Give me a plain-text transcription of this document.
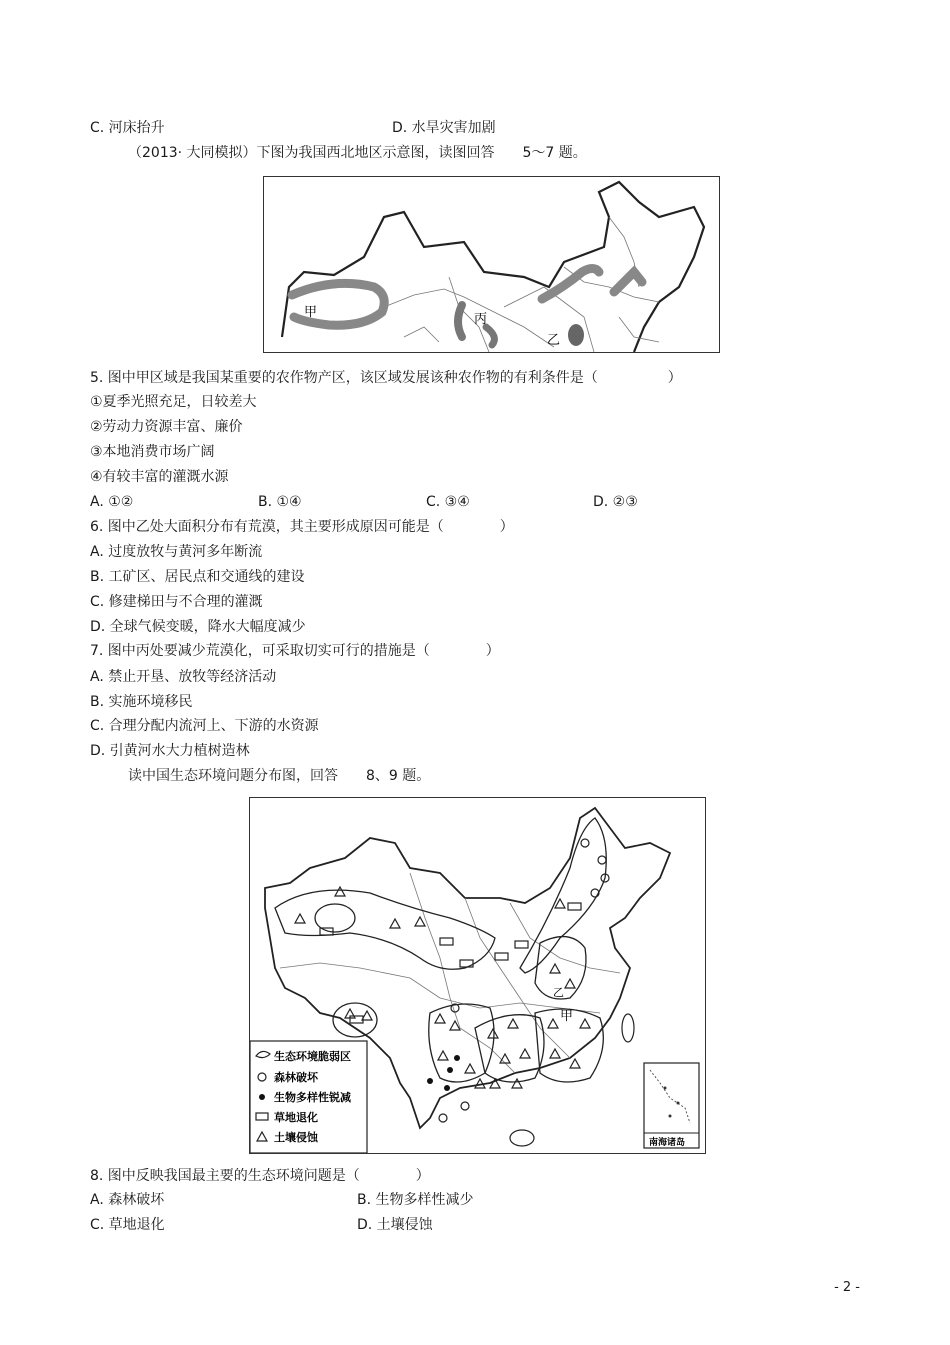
C. 河床抬升	D. 水旱灾害加剧
（2013· 大同模拟）下图为我国西北地区示意图，读图回答　　5～7 题。
甲	丙
乙
5. 图中甲区域是我国某重要的农作物产区，该区域发展该种农作物的有利条件是（　　　　　）
①夏季光照充足，日较差大
②劳动力资源丰富、廉价
③本地消费市场广阔
④有较丰富的灌溉水源
A. ①②	B. ①④	C. ③④	D. ②③
6. 图中乙处大面积分布有荒漠，其主要形成原因可能是（　　　　）
A. 过度放牧与黄河多年断流
B. 工矿区、居民点和交通线的建设
C. 修建梯田与不合理的灌溉
D. 全球气候变暖，降水大幅度减少
7. 图中丙处要减少荒漠化，可采取切实可行的措施是（　　　　）
A. 禁止开垦、放牧等经济活动
B. 实施环境移民
C. 合理分配内流河上、下游的水资源
D. 引黄河水大力植树造林
读中国生态环境问题分布图，回答　　8、9 题。
甲
乙
生态环境脆弱区
森林破坏
生物多样性锐减
草地退化
土壤侵蚀	南海诸岛
8. 图中反映我国最主要的生态环境问题是（　　　　）
A. 森林破坏	B. 生物多样性减少
C. 草地退化	D. 土壤侵蚀
- 2 -
